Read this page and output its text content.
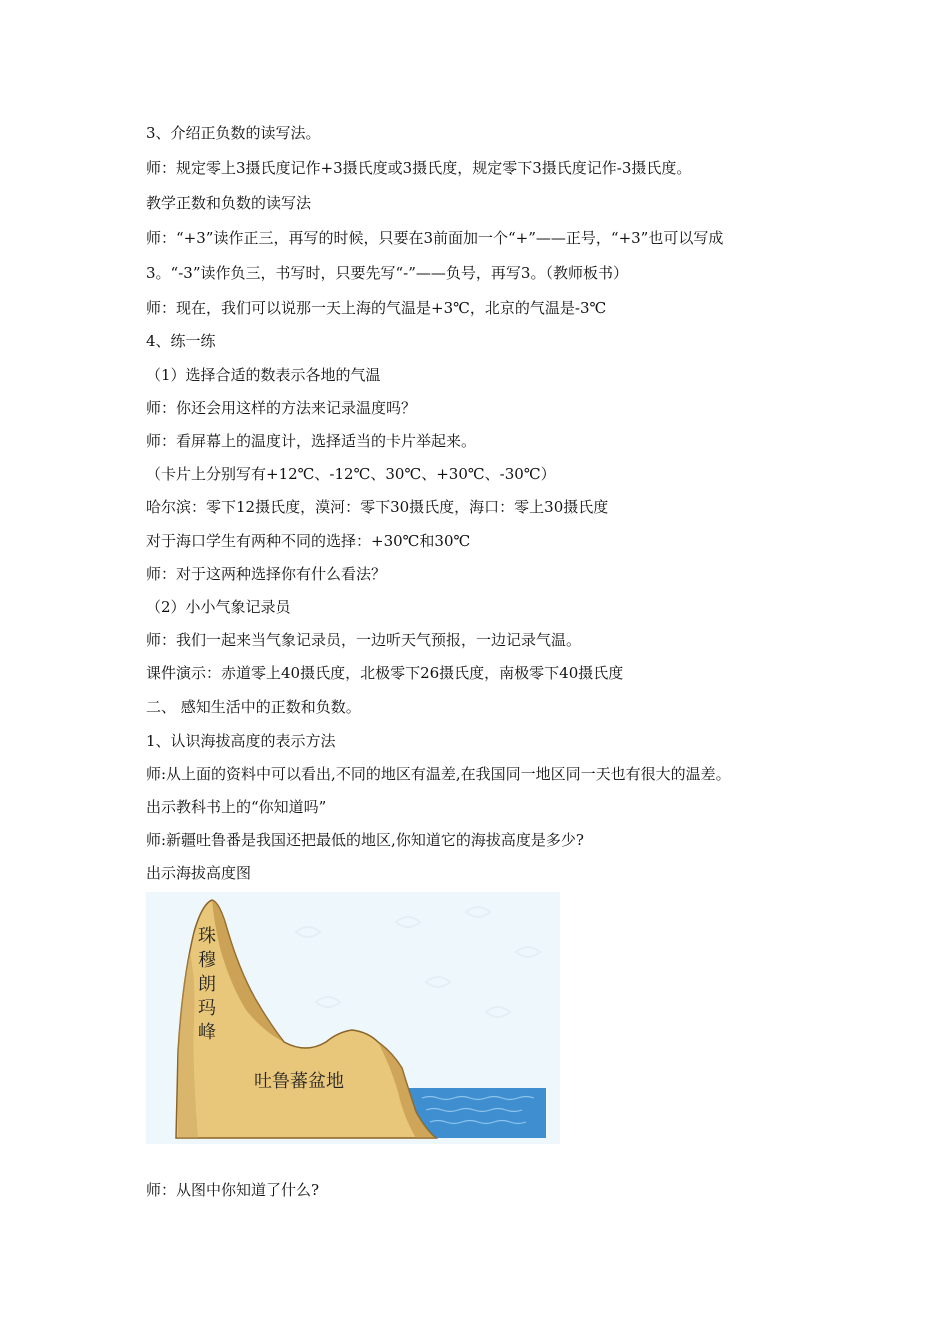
3、介绍正负数的读写法。
师：规定零上3摄氏度记作+3摄氏度或3摄氏度，规定零下3摄氏度记作-3摄氏度。
教学正数和负数的读写法
师：“+3”读作正三，再写的时候，只要在3前面加一个“+”——正号，“+3”也可以写成
3。“-3”读作负三，书写时，只要先写“-”——负号，再写3。（教师板书）
师：现在，我们可以说那一天上海的气温是+3℃，北京的气温是-3℃
4、练一练
（1）选择合适的数表示各地的气温
师：你还会用这样的方法来记录温度吗？
师：看屏幕上的温度计，选择适当的卡片举起来。
（卡片上分别写有+12℃、-12℃、30℃、+30℃、-30℃）
哈尔滨：零下12摄氏度，漠河：零下30摄氏度，海口：零上30摄氏度
对于海口学生有两种不同的选择：+30℃和30℃
师：对于这两种选择你有什么看法？
（2）小小气象记录员
师：我们一起来当气象记录员，一边听天气预报，一边记录气温。
课件演示：赤道零上40摄氏度，北极零下26摄氏度，南极零下40摄氏度
二、 感知生活中的正数和负数。
1、认识海拔高度的表示方法
师:从上面的资料中可以看出,不同的地区有温差,在我国同一地区同一天也有很大的温差。
出示教科书上的“你知道吗”
师:新疆吐鲁番是我国还把最低的地区,你知道它的海拔高度是多少?
出示海拔高度图
珠
穆
朗
玛
峰
吐鲁蕃盆地
师：从图中你知道了什么?
